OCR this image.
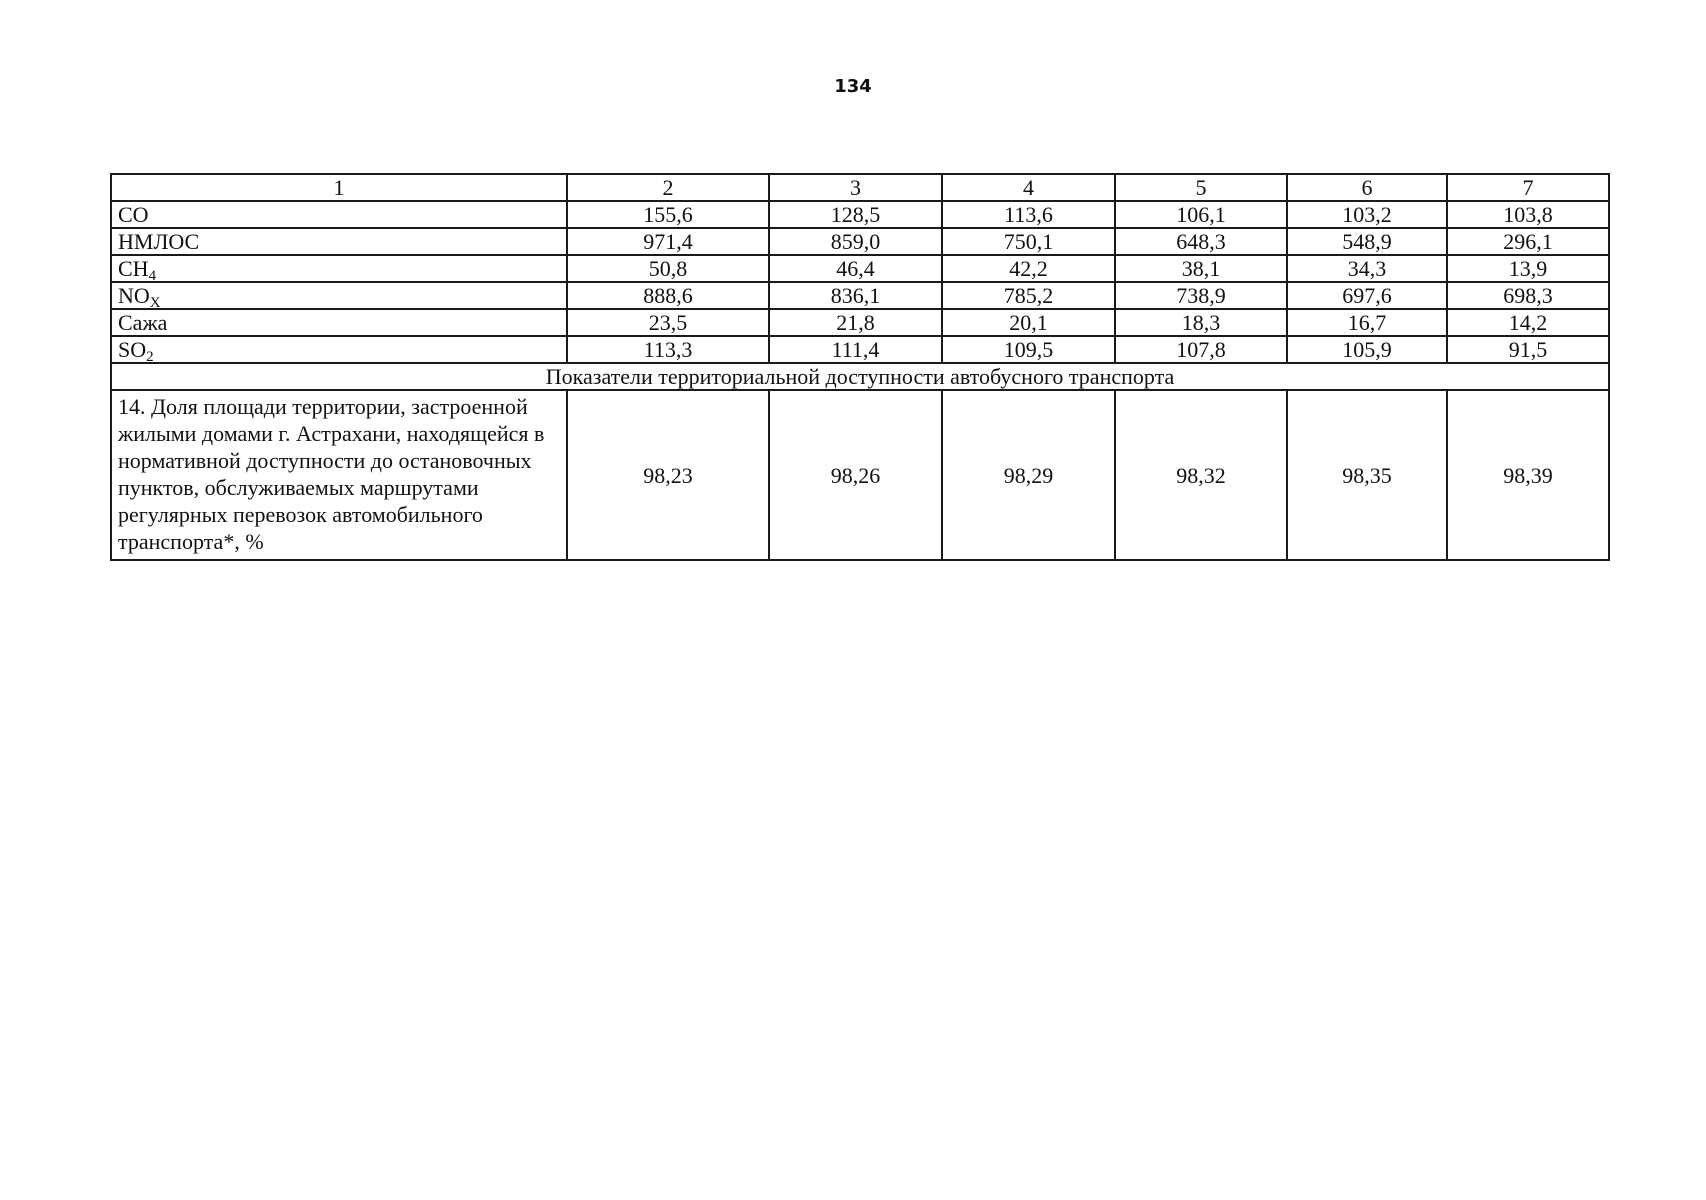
134
1	2	3	4	5	6	7
CO	155,6	128,5	113,6	106,1	103,2	103,8
НМЛОС	971,4	859,0	750,1	648,3	548,9	296,1
$CH_4$	50,8	46,4	42,2	38,1	34,3	13,9
$NO_X$	888,6	836,1	785,2	738,9	697,6	698,3
Сажа	23,5	21,8	20,1	18,3	16,7	14,2
$SO_2$	113,3	111,4	109,5	107,8	105,9	91,5
Показатели территориальной доступности автобусного транспорта						
14. Доля площади территории, застроенной жилыми домами г. Астрахани, находящейся в нормативной доступности до остановочных пунктов, обслуживаемых маршрутами регулярных перевозок автомобильного транспорта*, %	98,23	98,26	98,29	98,32	98,35	98,39
